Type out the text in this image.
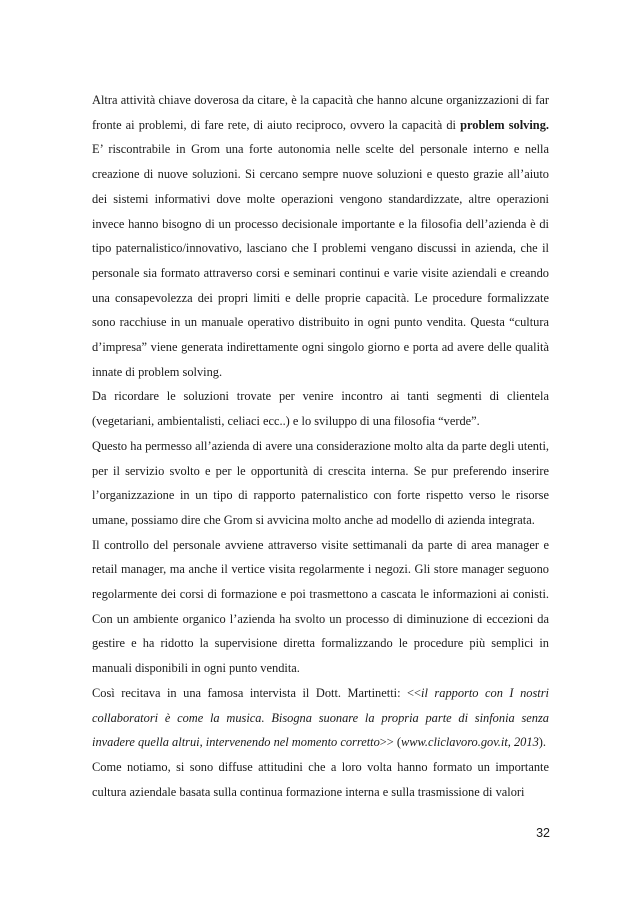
Altra attività chiave doverosa da citare, è la capacità che hanno alcune organizzazioni di far fronte ai problemi, di fare rete, di aiuto reciproco, ovvero la capacità di problem solving. E’ riscontrabile in Grom una forte autonomia nelle scelte del personale interno e nella creazione di nuove soluzioni. Si cercano sempre nuove soluzioni e questo grazie all’aiuto dei sistemi informativi dove molte operazioni vengono standardizzate, altre operazioni invece hanno bisogno di un processo decisionale importante e la filosofia dell’azienda è di tipo paternalistico/innovativo, lasciano che I problemi vengano discussi in azienda, che il personale sia formato attraverso corsi e seminari continui e varie visite aziendali e creando una consapevolezza dei propri limiti e delle proprie capacità. Le procedure formalizzate sono racchiuse in un manuale operativo distribuito in ogni punto vendita. Questa “cultura d’impresa” viene generata indirettamente ogni singolo giorno e porta ad avere delle qualità innate di problem solving.

Da ricordare le soluzioni trovate per venire incontro ai tanti segmenti di clientela (vegetariani, ambientalisti, celiaci ecc..) e lo sviluppo di una filosofia “verde”.

Questo ha permesso all’azienda di avere una considerazione molto alta da parte degli utenti, per il servizio svolto e per le opportunità di crescita interna. Se pur preferendo inserire l’organizzazione in un tipo di rapporto paternalistico con forte rispetto verso le risorse umane, possiamo dire che Grom si avvicina molto anche ad modello di azienda integrata.

Il controllo del personale avviene attraverso visite settimanali da parte di area manager e retail manager, ma anche il vertice visita regolarmente i negozi. Gli store manager seguono regolarmente dei corsi di formazione e poi trasmettono a cascata le informazioni ai conisti. Con un ambiente organico l’azienda ha svolto un processo di diminuzione di eccezioni da gestire e ha ridotto la supervisione diretta formalizzando le procedure più semplici in manuali disponibili in ogni punto vendita.

Così recitava in una famosa intervista il Dott. Martinetti: <<il rapporto con I nostri collaboratori è come la musica. Bisogna suonare la propria parte di sinfonia senza invadere quella altrui, intervenendo nel momento corretto>> (www.cliclavoro.gov.it, 2013).

Come notiamo, si sono diffuse attitudini che a loro volta hanno formato un importante cultura aziendale basata sulla continua formazione interna e sulla trasmissione di valori

32
